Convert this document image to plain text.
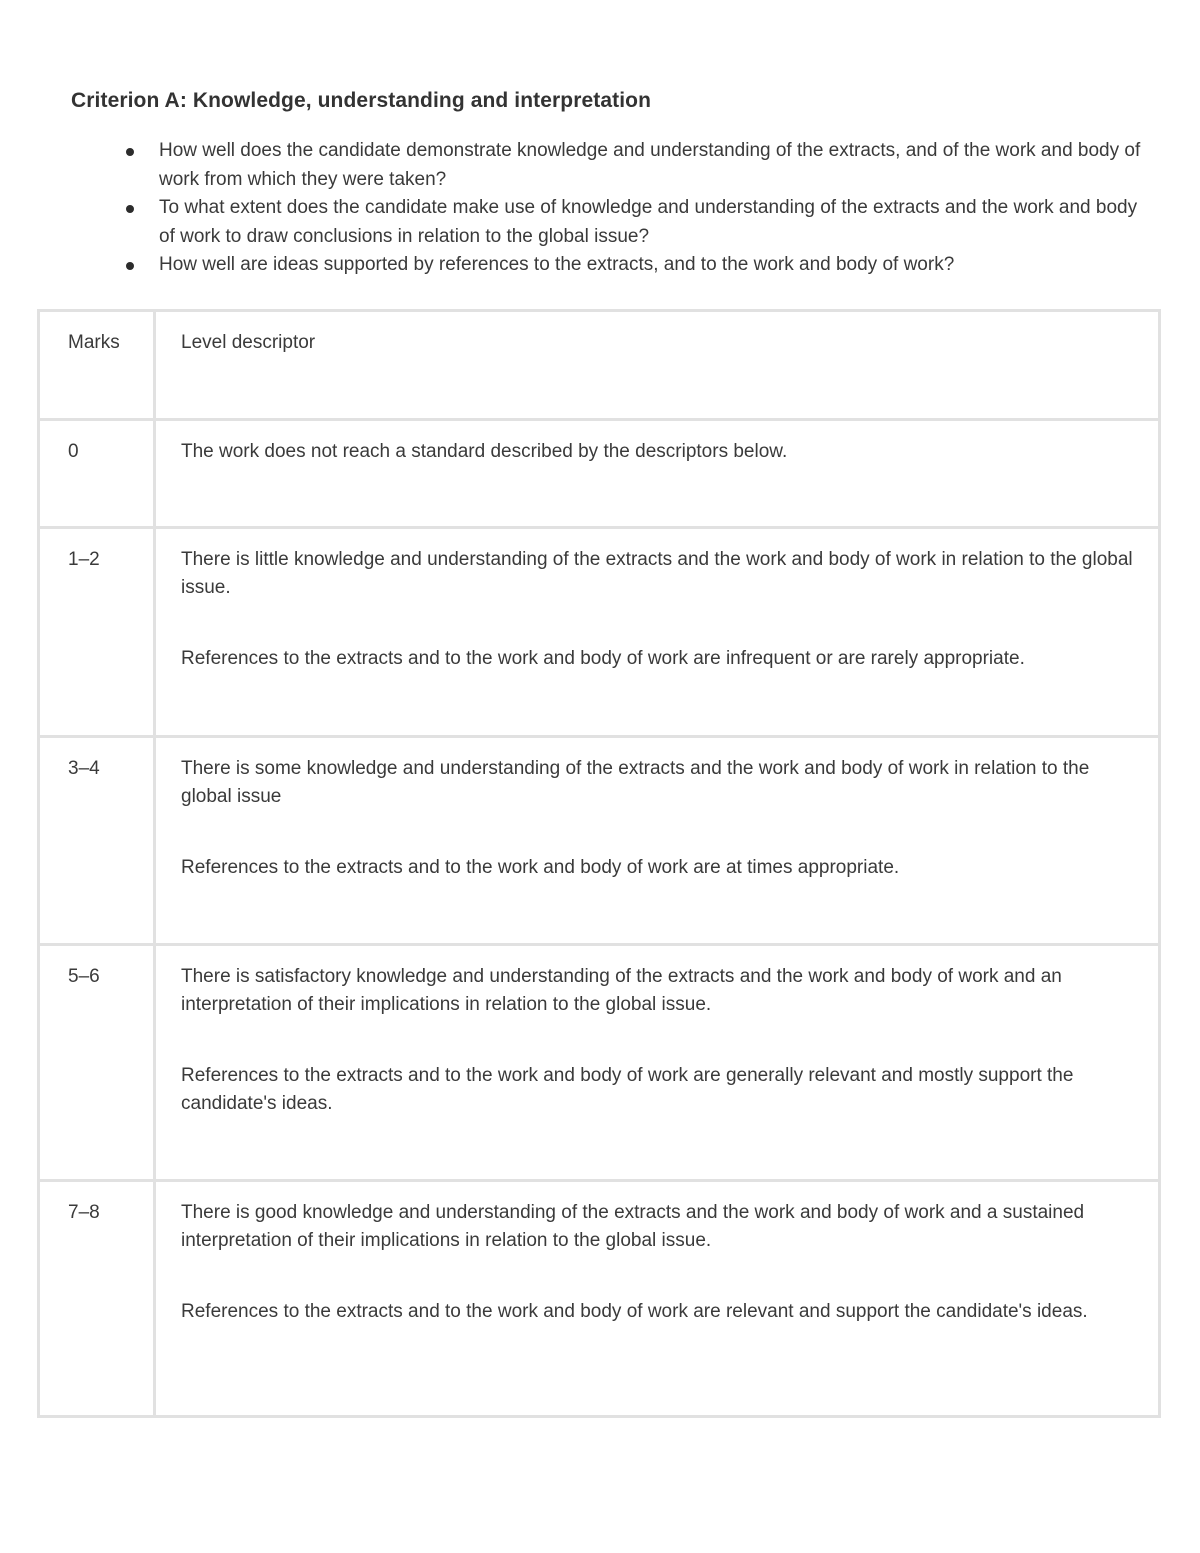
Criterion A: Knowledge, understanding and interpretation
How well does the candidate demonstrate knowledge and understanding of the extracts, and of the work and body of work from which they were taken?
To what extent does the candidate make use of knowledge and understanding of the extracts and the work and body of work to draw conclusions in relation to the global issue?
How well are ideas supported by references to the extracts, and to the work and body of work?
Marks	Level descriptor
0	The work does not reach a standard described by the descriptors below.

1–2	There is little knowledge and understanding of the extracts and the work and body of work in relation to the global issue.

References to the extracts and to the work and body of work are infrequent or are rarely appropriate.

3–4	There is some knowledge and understanding of the extracts and the work and body of work in relation to the global issue

References to the extracts and to the work and body of work are at times appropriate.

5–6	There is satisfactory knowledge and understanding of the extracts and the work and body of work and an interpretation of their implications in relation to the global issue.

References to the extracts and to the work and body of work are generally relevant and mostly support the candidate's ideas.

7–8	There is good knowledge and understanding of the extracts and the work and body of work and a sustained interpretation of their implications in relation to the global issue.

References to the extracts and to the work and body of work are relevant and support the candidate's ideas.
